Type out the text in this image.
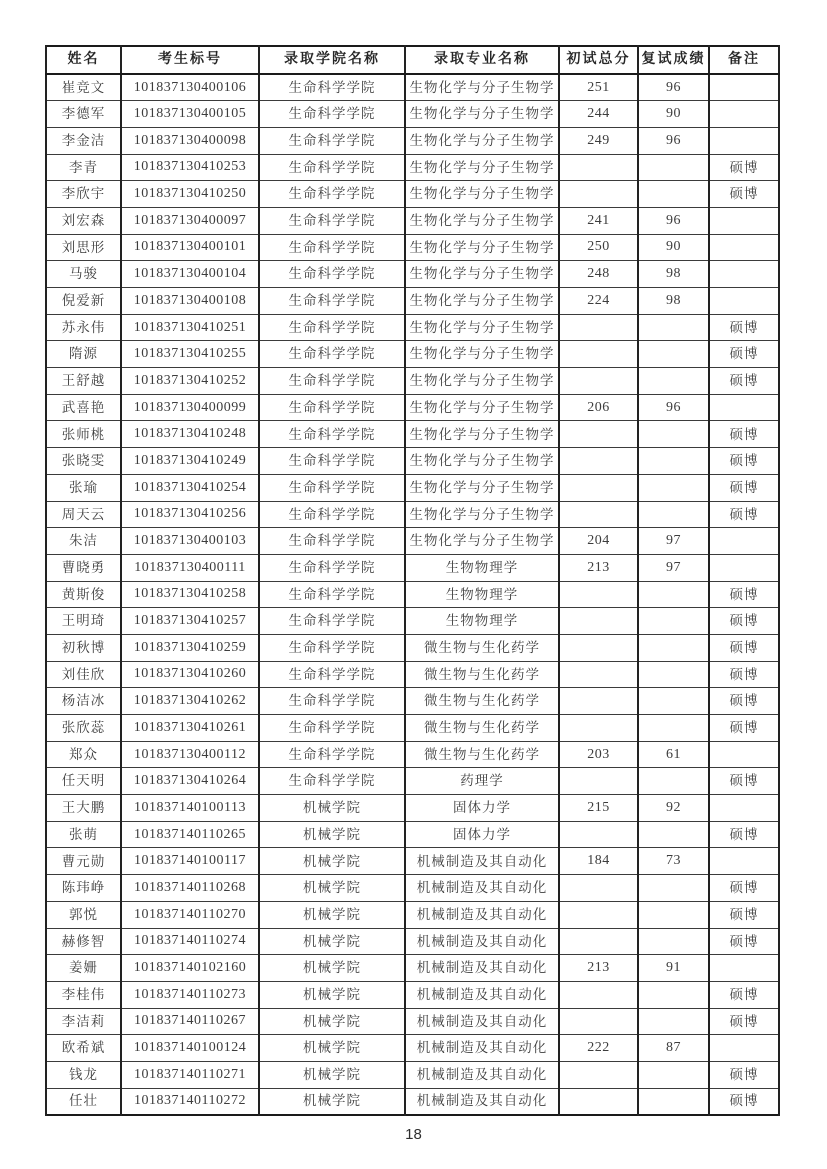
姓名	考生标号	录取学院名称	录取专业名称	初试总分	复试成绩	备注
崔竞文	101837130400106	生命科学学院	生物化学与分子生物学	251	96	
李德军	101837130400105	生命科学学院	生物化学与分子生物学	244	90	
李金洁	101837130400098	生命科学学院	生物化学与分子生物学	249	96	
李青	101837130410253	生命科学学院	生物化学与分子生物学			硕博
李欣宇	101837130410250	生命科学学院	生物化学与分子生物学			硕博
刘宏森	101837130400097	生命科学学院	生物化学与分子生物学	241	96	
刘思形	101837130400101	生命科学学院	生物化学与分子生物学	250	90	
马骏	101837130400104	生命科学学院	生物化学与分子生物学	248	98	
倪爱新	101837130400108	生命科学学院	生物化学与分子生物学	224	98	
苏永伟	101837130410251	生命科学学院	生物化学与分子生物学			硕博
隋源	101837130410255	生命科学学院	生物化学与分子生物学			硕博
王舒越	101837130410252	生命科学学院	生物化学与分子生物学			硕博
武喜艳	101837130400099	生命科学学院	生物化学与分子生物学	206	96	
张师桃	101837130410248	生命科学学院	生物化学与分子生物学			硕博
张晓雯	101837130410249	生命科学学院	生物化学与分子生物学			硕博
张瑜	101837130410254	生命科学学院	生物化学与分子生物学			硕博
周天云	101837130410256	生命科学学院	生物化学与分子生物学			硕博
朱洁	101837130400103	生命科学学院	生物化学与分子生物学	204	97	
曹晓勇	101837130400111	生命科学学院	生物物理学	213	97	
黄斯俊	101837130410258	生命科学学院	生物物理学			硕博
王明琦	101837130410257	生命科学学院	生物物理学			硕博
初秋博	101837130410259	生命科学学院	微生物与生化药学			硕博
刘佳欣	101837130410260	生命科学学院	微生物与生化药学			硕博
杨洁冰	101837130410262	生命科学学院	微生物与生化药学			硕博
张欣蕊	101837130410261	生命科学学院	微生物与生化药学			硕博
郑众	101837130400112	生命科学学院	微生物与生化药学	203	61	
任天明	101837130410264	生命科学学院	药理学			硕博
王大鹏	101837140100113	机械学院	固体力学	215	92	
张萌	101837140110265	机械学院	固体力学			硕博
曹元勋	101837140100117	机械学院	机械制造及其自动化	184	73	
陈玮峥	101837140110268	机械学院	机械制造及其自动化			硕博
郭悦	101837140110270	机械学院	机械制造及其自动化			硕博
赫修智	101837140110274	机械学院	机械制造及其自动化			硕博
姜姗	101837140102160	机械学院	机械制造及其自动化	213	91	
李桂伟	101837140110273	机械学院	机械制造及其自动化			硕博
李洁莉	101837140110267	机械学院	机械制造及其自动化			硕博
欧希斌	101837140100124	机械学院	机械制造及其自动化	222	87	
钱龙	101837140110271	机械学院	机械制造及其自动化			硕博
任壮	101837140110272	机械学院	机械制造及其自动化			硕博
18
